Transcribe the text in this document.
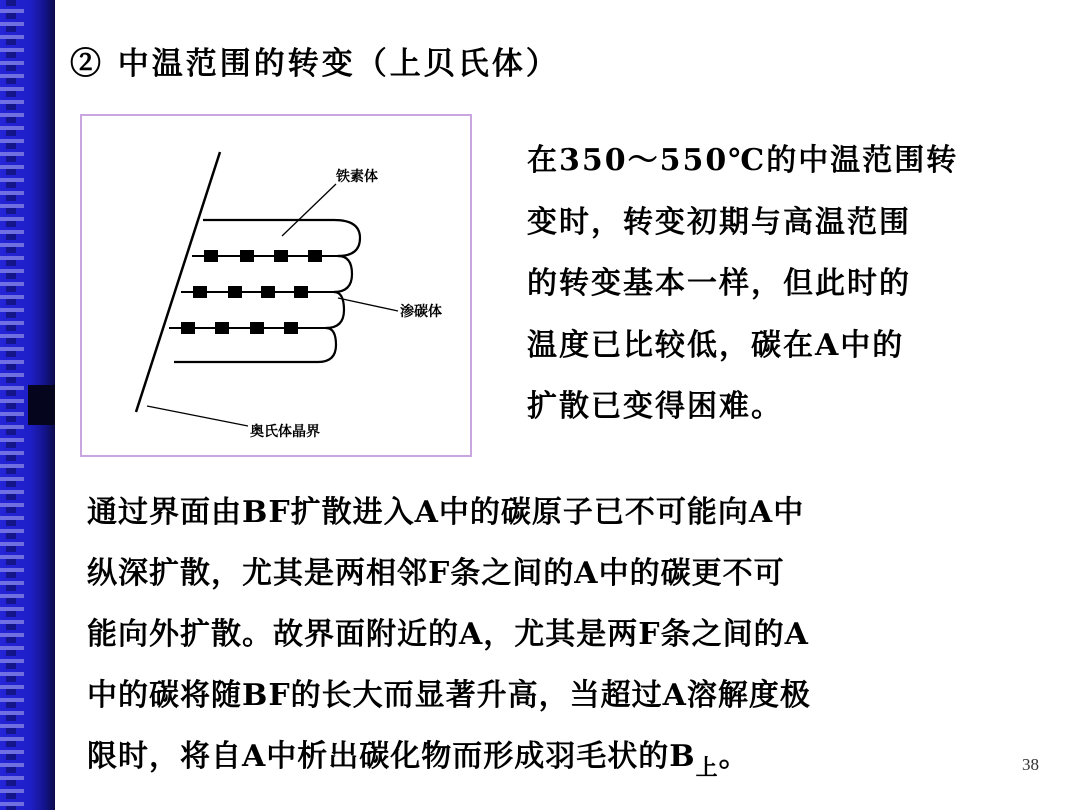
② 中温范围的转变（上贝氏体）
铁素体
渗碳体
奥氏体晶界
在350～550℃的中温范围转
变时，转变初期与高温范围
的转变基本一样，但此时的
温度已比较低，碳在A中的
扩散已变得困难。
通过界面由BF扩散进入A中的碳原子已不可能向A中
纵深扩散，尤其是两相邻F条之间的A中的碳更不可
能向外扩散。故界面附近的A，尤其是两F条之间的A
中的碳将随BF的长大而显著升高，当超过A溶解度极
限时，将自A中析出碳化物而形成羽毛状的$B_上$。	38
